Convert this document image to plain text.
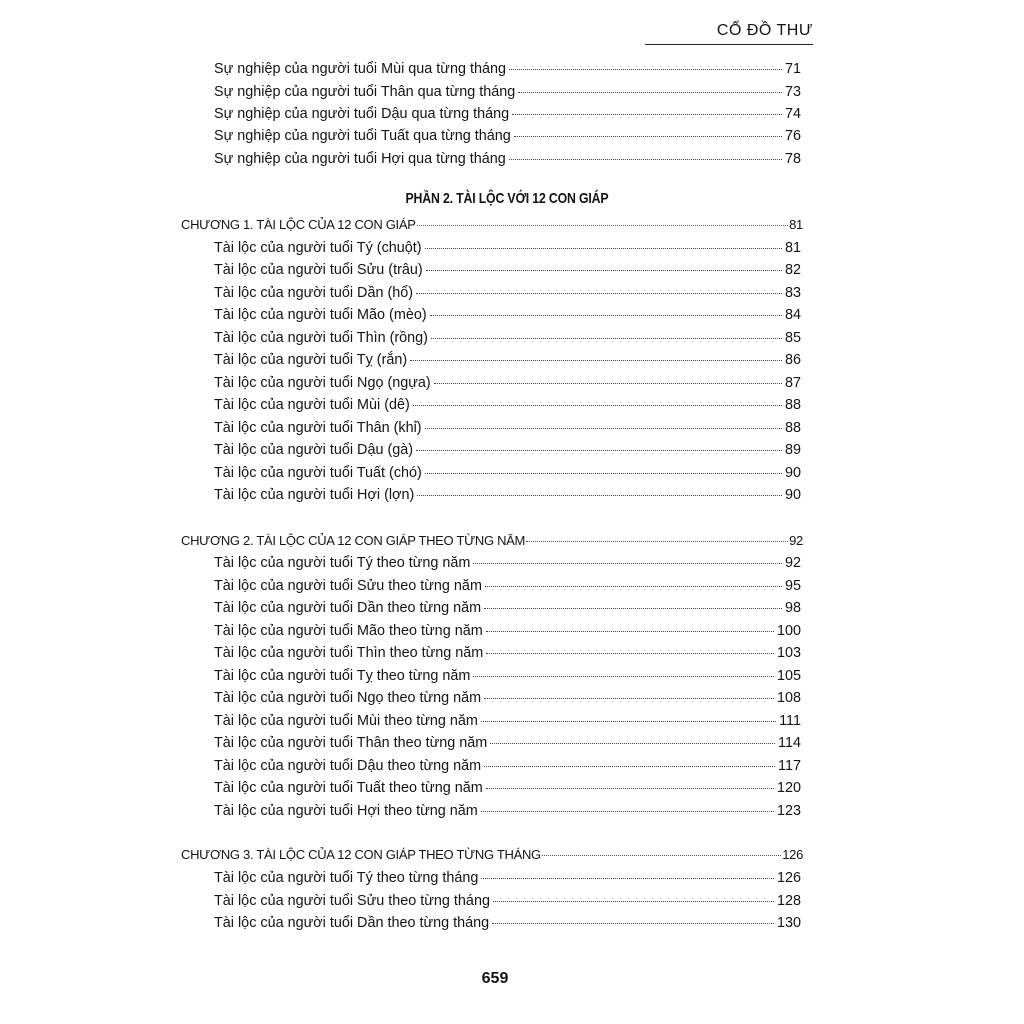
CỔ ĐỒ THƯ
Sự nghiệp của người tuổi Mùi qua từng tháng	71
Sự nghiệp của người tuổi Thân qua từng tháng	73
Sự nghiệp của người tuổi Dậu qua từng tháng	74
Sự nghiệp của người tuổi Tuất qua từng tháng	76
Sự nghiệp của người tuổi Hợi qua từng tháng	78
PHẦN 2. TÀI LỘC VỚI 12 CON GIÁP
CHƯƠNG 1. TÀI LỘC CỦA 12 CON GIÁP	81
Tài lộc của người tuổi Tý (chuột)	81
Tài lộc của người tuổi Sửu (trâu)	82
Tài lộc của người tuổi Dần (hổ)	83
Tài lộc của người tuổi Mão (mèo)	84
Tài lộc của người tuổi Thìn (rồng)	85
Tài lộc của người tuổi Tỵ (rắn)	86
Tài lộc của người tuổi Ngọ (ngựa)	87
Tài lộc của người tuổi Mùi (dê)	88
Tài lộc của người tuổi Thân (khỉ)	88
Tài lộc của người tuổi Dậu (gà)	89
Tài lộc của người tuổi Tuất (chó)	90
Tài lộc của người tuổi Hợi (lợn)	90
CHƯƠNG 2. TÀI LỘC CỦA 12 CON GIÁP THEO TỪNG NĂM	92
Tài lộc của người tuổi Tý theo từng năm	92
Tài lộc của người tuổi Sửu theo từng năm	95
Tài lộc của người tuổi Dần theo từng năm	98
Tài lộc của người tuổi Mão theo từng năm	100
Tài lộc của người tuổi Thìn theo từng năm	103
Tài lộc của người tuổi Tỵ theo từng năm	105
Tài lộc của người tuổi Ngọ theo từng năm	108
Tài lộc của người tuổi Mùi theo từng năm	111
Tài lộc của người tuổi Thân theo từng năm	114
Tài lộc của người tuổi Dậu theo từng năm	117
Tài lộc của người tuổi Tuất theo từng năm	120
Tài lộc của người tuổi Hợi theo từng năm	123
CHƯƠNG 3. TÀI LỘC CỦA 12 CON GIÁP THEO TỪNG THÁNG	126
Tài lộc của người tuổi Tý theo từng tháng	126
Tài lộc của người tuổi Sửu theo từng tháng	128
Tài lộc của người tuổi Dần theo từng tháng	130
659
